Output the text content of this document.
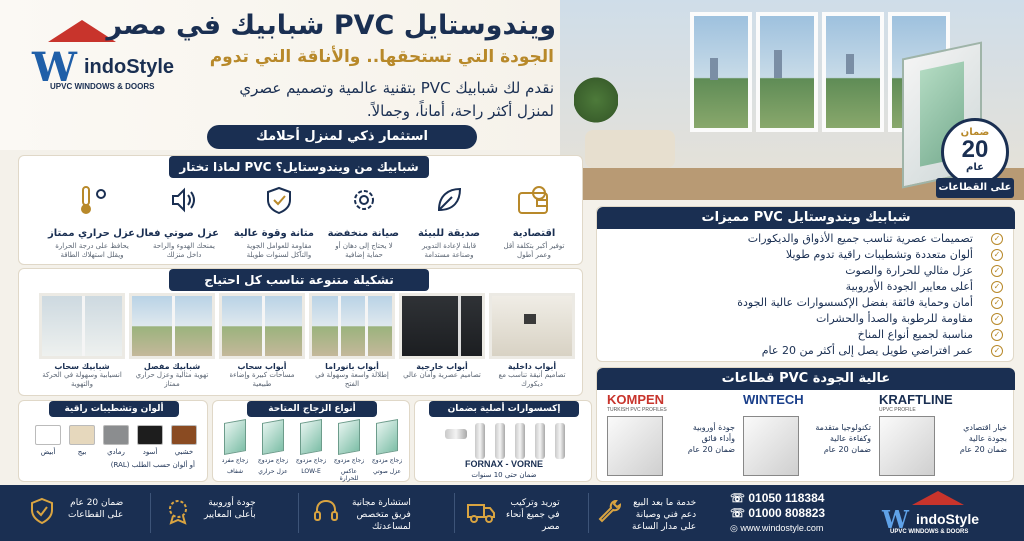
W indoStyle
UPVC WINDOWS & DOORS
ويندوستايل PVC شبابيك في مصر
الجودة التي تستحقها.. والأناقة التي تدوم
نقدم لك شبابيك PVC بتقنية عالمية وتصميم عصري
لمنزل أكثر راحة، أماناً، وجمالاً.
استثمار ذكي لمنزل أحلامك	ضمان
20
عام
على القطاعات
لماذا تختار PVC شبابيك من ويندوستايل؟
اقتصادية
توفير أكبر بتكلفة أقل وعمر أطول
صديقة للبيئة
قابلة لإعادة التدوير وصناعة مستدامة
صيانة منخفضة
لا يحتاج إلى دهان أو حماية إضافية
متانة وقوة عالية
مقاومة للعوامل الجوية والتآكل لسنوات طويلة
عزل صوتي فعال
يمنحك الهدوء والراحة داخل منزلك
عزل حراري ممتاز
يحافظ على درجة الحرارة ويقلل استهلاك الطاقة
مميزات PVC شبابيك ويندوستايل
✓
تصميمات عصرية تناسب جميع الأذواق والديكورات
✓
ألوان متعددة وتشطيبات راقية تدوم طويلا
✓
عزل مثالي للحرارة والصوت
✓
أعلى معايير الجودة الأوروبية
✓
أمان وحماية فائقة بفضل الإكسسوارات عالية الجودة
✓
مقاومة للرطوبة والصدأ والحشرات
✓
مناسبة لجميع أنواع المناخ
✓
عمر افتراضي طويل يصل إلى أكثر من 20 عام
تشكيلة متنوعة تناسب كل احتياج
أبواب داخلية
تصاميم أنيقة تناسب مع ديكورك
أبواب خارجية
تصاميم عصرية وأمان عالي
أبواب بانوراما
إطلالة واسعة وسهولة في الفتح
أبواب سحاب
مساحات كبيرة وإضاءة طبيعية
شبابيك مفصل
تهوية مثالية وعزل حراري ممتاز
شبابيك سحاب
انسيابية وسهولة في الحركة والتهوية	قطاعات PVC عالية الجودة
KOMPEN
TURKISH PVC PROFILES
جودة أوروبية
وأداء فائق
ضمان 20 عام
WINTECH
تكنولوجيا متقدمة
وكفاءة عالية
ضمان 20 عام
KRAFTLINE
UPVC PROFILE
خيار اقتصادي
بجودة عالية
ضمان 20 عام
ألوان وتشطيبات راقية
خشبي
أسود
رمادي
بيج
أبيض
أو ألوان حسب الطلب (RAL)
أنواع الزجاج المتاحة
زجاج مزدوج
عزل صوتي
زجاج مزدوج
عاكس للحرارة
زجاج مزدوج
LOW-E
زجاج مزدوج
عزل حراري
زجاج مفرد
شفاف
إكسسوارات أصلية بضمان
FORNAX - VORNE
ضمان حتى 10 سنوات
ضمان 20 عام
على القطاعات
جودة أوروبية
بأعلى المعايير
استشارة مجانية
فريق متخصص
لمساعدتك
توريد وتركيب
في جميع أنحاء
مصر
خدمة ما بعد البيع
دعم فني وصيانة
على مدار الساعة
☏ 01050 118384
☏ 01000 808823
◎ www.windostyle.com W indoStyle
UPVC WINDOWS & DOORS
